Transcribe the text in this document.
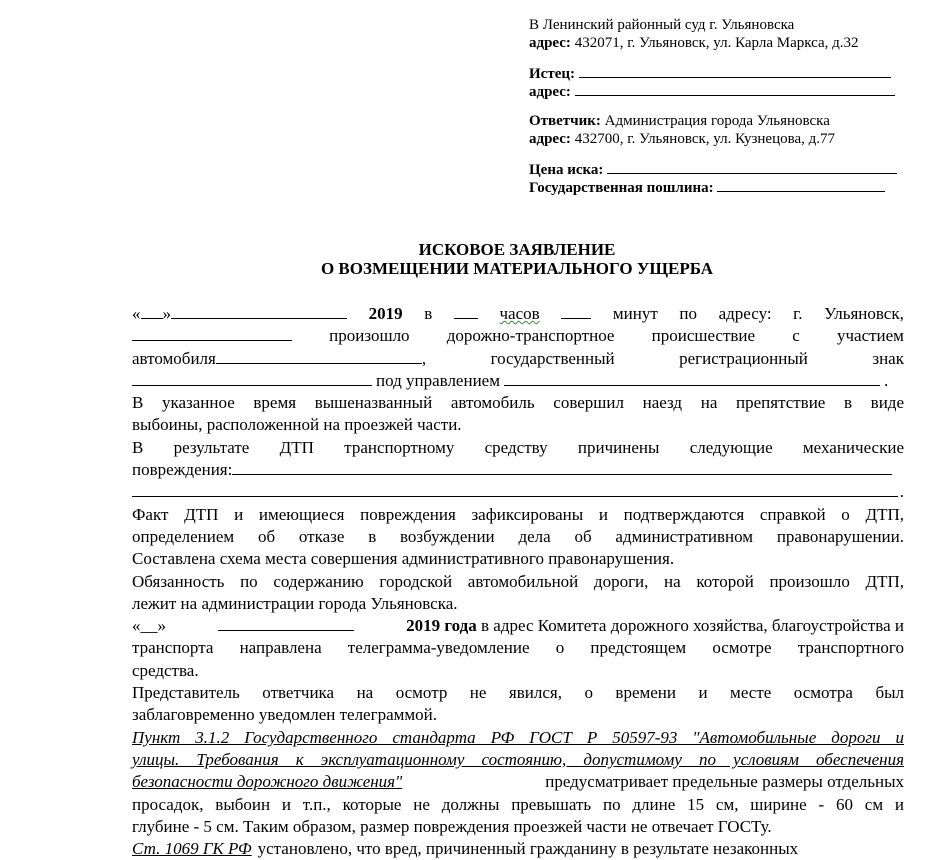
В Ленинский районный суд г. Ульяновска
адрес: 432071, г. Ульяновск, ул. Карла Маркса, д.32
Истец:
адрес:
Ответчик: Администрация города Ульяновска
адрес: 432700, г. Ульяновск, ул. Кузнецова, д.77
Цена иска:
Государственная пошлина:
ИСКОВОЕ ЗАЯВЛЕНИЕ
О ВОЗМЕЩЕНИИ МАТЕРИАЛЬНОГО УЩЕРБА
« »	2019 в	часов	минут по адресу: г. Ульяновск,
произошло дорожно-транспортное происшествие с участием
автомобиля	,	государственный	регистрационный	знак
под управлением	.
В указанное время вышеназванный автомобиль совершил наезд на препятствие в виде
выбоины, расположенной на проезжей части.
В результате ДТП транспортному средству причинены следующие механические
повреждения:
.
Факт ДТП и имеющиеся повреждения зафиксированы и подтверждаются справкой о ДТП,
определением об отказе в возбуждении дела об административном правонарушении.
Составлена схема места совершения административного правонарушения.
Обязанность по содержанию городской автомобильной дороги, на которой произошло ДТП,
лежит на администрации города Ульяновска.
«__»	2019 года в адрес Комитета дорожного хозяйства, благоустройства и
транспорта направлена телеграмма-уведомление о предстоящем осмотре транспортного
средства.
Представитель ответчика на осмотр не явился, о времени и месте осмотра был
заблаговременно уведомлен телеграммой.
Пункт 3.1.2 Государственного стандарта РФ ГОСТ Р 50597-93 "Автомобильные дороги и
улицы. Требования к эксплуатационному состоянию, допустимому по условиям обеспечения
безопасности дорожного движения"	предусматривает предельные размеры отдельных
просадок, выбоин и т.п., которые не должны превышать по длине 15 см, ширине - 60 см и
глубине - 5 см. Таким образом, размер повреждения проезжей части не отвечает ГОСТу.
Ст. 1069 ГК РФ установлено, что вред, причиненный гражданину в результате незаконных
